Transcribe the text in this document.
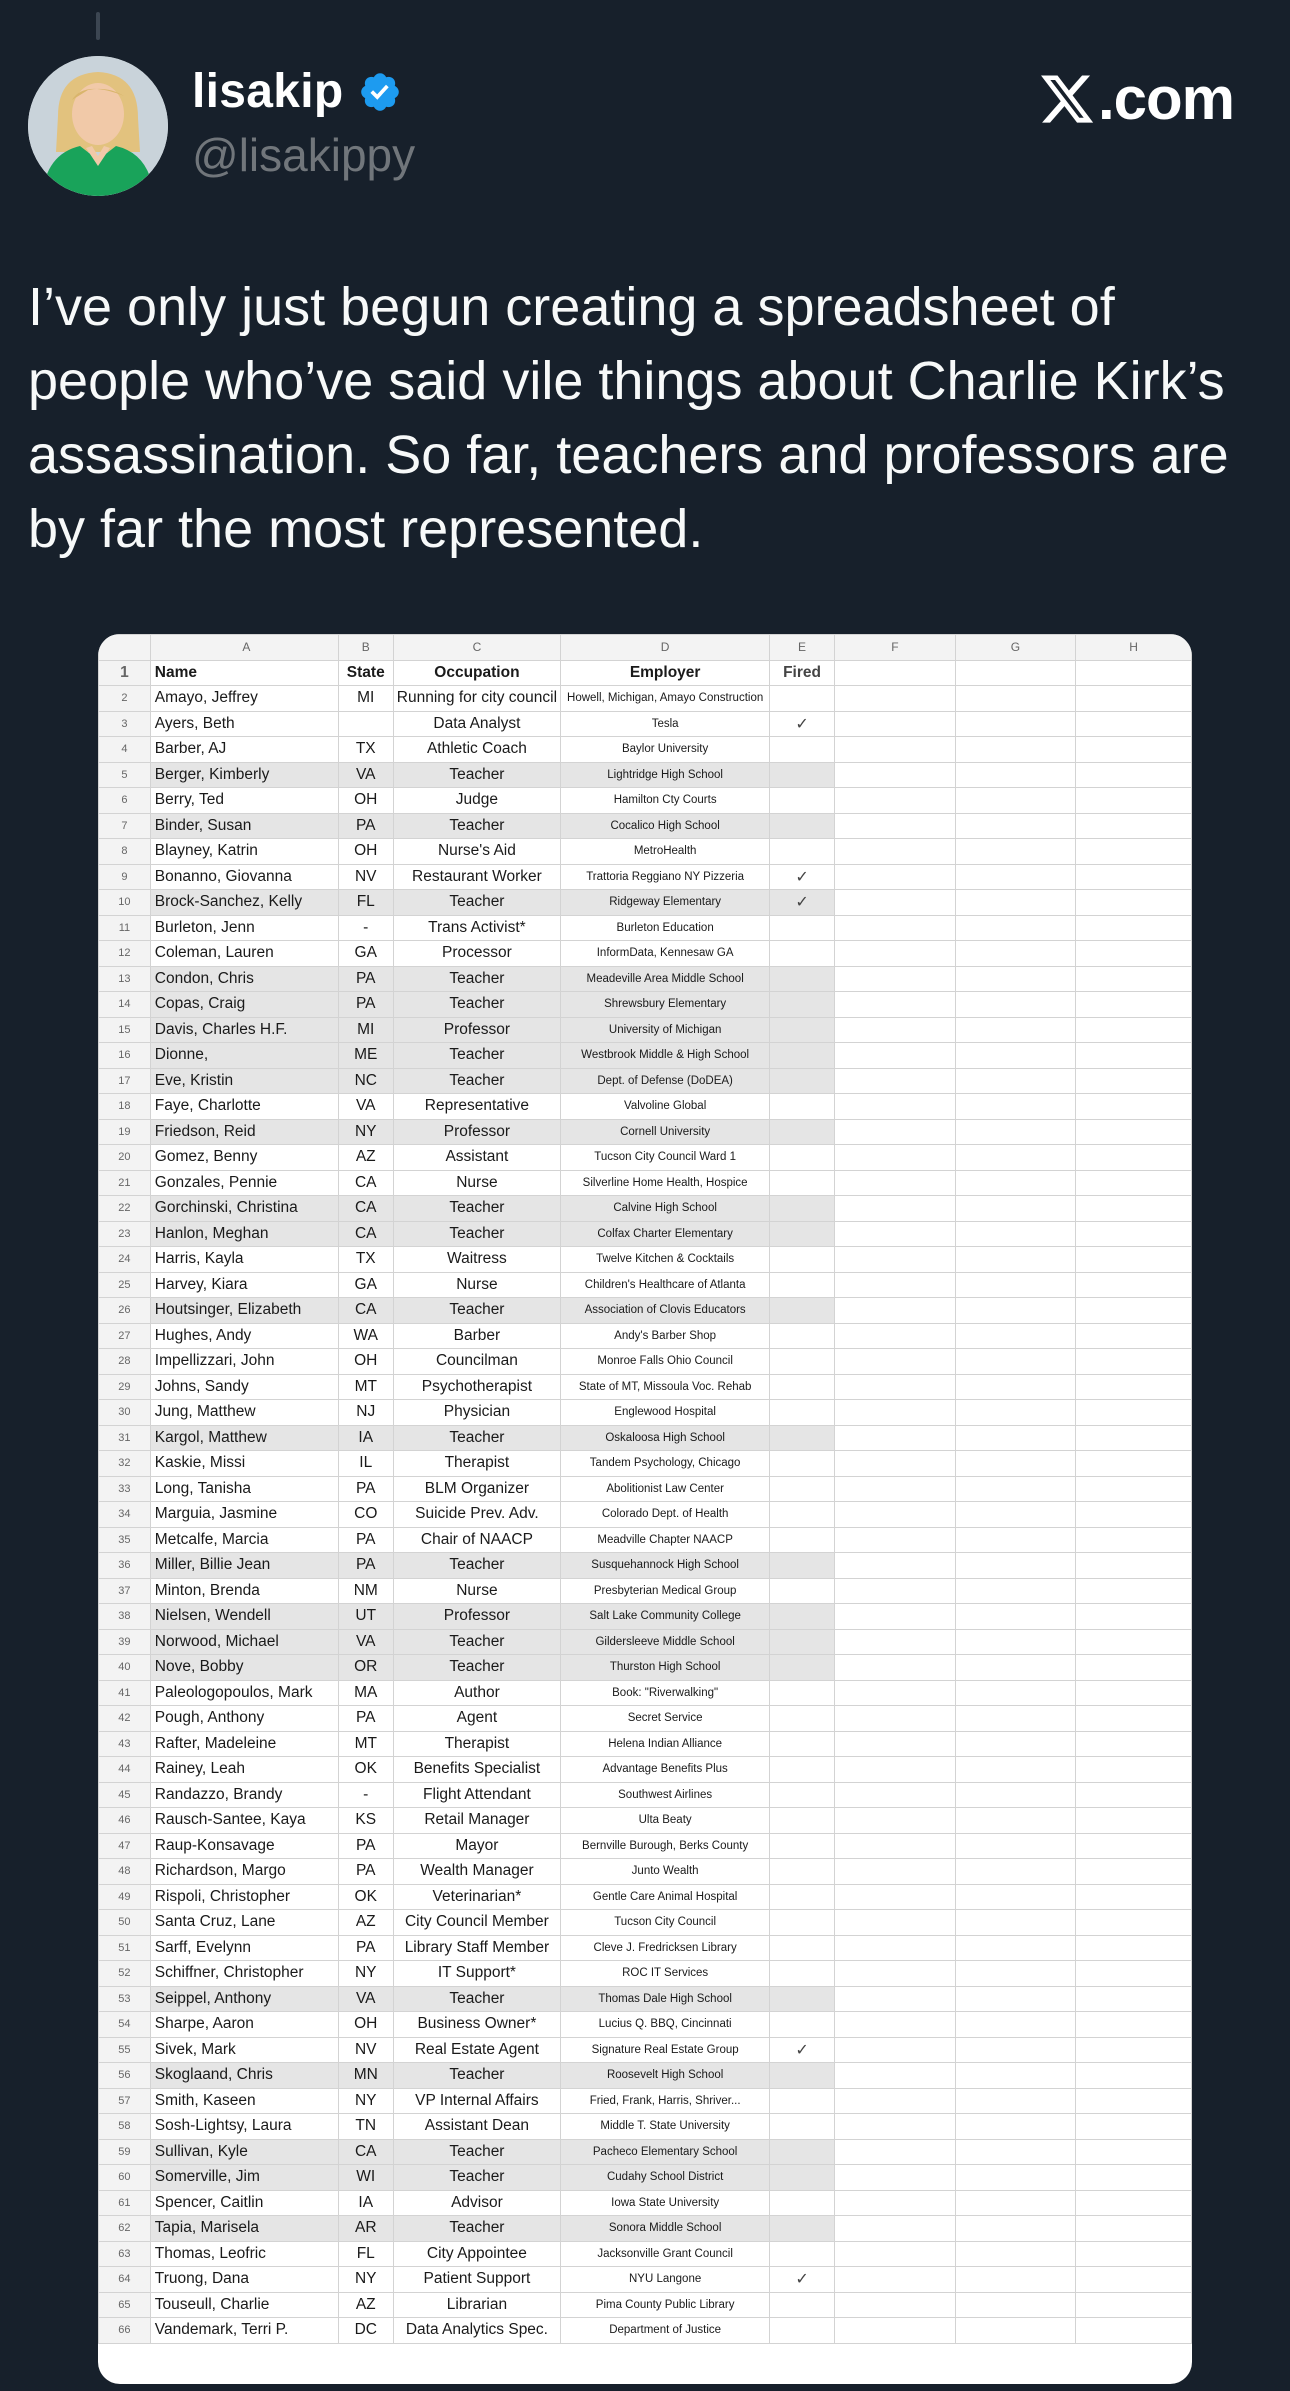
lisakip
@lisakippy
.com

I’ve only just begun creating a spreadsheet of people who’ve said vile things about Charlie Kirk’s assassination. So far, teachers and professors are by far the most represented.

	A	B	C	D	E	F	G	H
1	Name	State	Occupation	Employer	Fired			
2	Amayo, Jeffrey	MI	Running for city council	Howell, Michigan, Amayo Construction				
3	Ayers, Beth		Data Analyst	Tesla	✓			
4	Barber, AJ	TX	Athletic Coach	Baylor University				
5	Berger, Kimberly	VA	Teacher	Lightridge High School				
6	Berry, Ted	OH	Judge	Hamilton Cty Courts				
7	Binder, Susan	PA	Teacher	Cocalico High School				
8	Blayney, Katrin	OH	Nurse's Aid	MetroHealth				
9	Bonanno, Giovanna	NV	Restaurant Worker	Trattoria Reggiano NY Pizzeria	✓			
10	Brock-Sanchez, Kelly	FL	Teacher	Ridgeway Elementary	✓			
11	Burleton, Jenn	-	Trans Activist*	Burleton Education				
12	Coleman, Lauren	GA	Processor	InformData, Kennesaw GA				
13	Condon, Chris	PA	Teacher	Meadeville Area Middle School				
14	Copas, Craig	PA	Teacher	Shrewsbury Elementary				
15	Davis, Charles H.F.	MI	Professor	University of Michigan				
16	Dionne,	ME	Teacher	Westbrook Middle & High School				
17	Eve, Kristin	NC	Teacher	Dept. of Defense (DoDEA)				
18	Faye, Charlotte	VA	Representative	Valvoline Global				
19	Friedson, Reid	NY	Professor	Cornell University				
20	Gomez, Benny	AZ	Assistant	Tucson City Council Ward 1				
21	Gonzales, Pennie	CA	Nurse	Silverline Home Health, Hospice				
22	Gorchinski, Christina	CA	Teacher	Calvine High School				
23	Hanlon, Meghan	CA	Teacher	Colfax Charter Elementary				
24	Harris, Kayla	TX	Waitress	Twelve Kitchen & Cocktails				
25	Harvey, Kiara	GA	Nurse	Children's Healthcare of Atlanta				
26	Houtsinger, Elizabeth	CA	Teacher	Association of Clovis Educators				
27	Hughes, Andy	WA	Barber	Andy's Barber Shop				
28	Impellizzari, John	OH	Councilman	Monroe Falls Ohio Council				
29	Johns, Sandy	MT	Psychotherapist	State of MT, Missoula Voc. Rehab				
30	Jung, Matthew	NJ	Physician	Englewood Hospital				
31	Kargol, Matthew	IA	Teacher	Oskaloosa High School				
32	Kaskie, Missi	IL	Therapist	Tandem Psychology, Chicago				
33	Long, Tanisha	PA	BLM Organizer	Abolitionist Law Center				
34	Marguia, Jasmine	CO	Suicide Prev. Adv.	Colorado Dept. of Health				
35	Metcalfe, Marcia	PA	Chair of NAACP	Meadville Chapter NAACP				
36	Miller, Billie Jean	PA	Teacher	Susquehannock High School				
37	Minton, Brenda	NM	Nurse	Presbyterian Medical Group				
38	Nielsen, Wendell	UT	Professor	Salt Lake Community College				
39	Norwood, Michael	VA	Teacher	Gildersleeve Middle School				
40	Nove, Bobby	OR	Teacher	Thurston High School				
41	Paleologopoulos, Mark	MA	Author	Book: "Riverwalking"				
42	Pough, Anthony	PA	Agent	Secret Service				
43	Rafter, Madeleine	MT	Therapist	Helena Indian Alliance				
44	Rainey, Leah	OK	Benefits Specialist	Advantage Benefits Plus				
45	Randazzo, Brandy	-	Flight Attendant	Southwest Airlines				
46	Rausch-Santee, Kaya	KS	Retail Manager	Ulta Beaty				
47	Raup-Konsavage	PA	Mayor	Bernville Burough, Berks County				
48	Richardson, Margo	PA	Wealth Manager	Junto Wealth				
49	Rispoli, Christopher	OK	Veterinarian*	Gentle Care Animal Hospital				
50	Santa Cruz, Lane	AZ	City Council Member	Tucson City Council				
51	Sarff, Evelynn	PA	Library Staff Member	Cleve J. Fredricksen Library				
52	Schiffner, Christopher	NY	IT Support*	ROC IT Services				
53	Seippel, Anthony	VA	Teacher	Thomas Dale High School				
54	Sharpe, Aaron	OH	Business Owner*	Lucius Q. BBQ, Cincinnati				
55	Sivek, Mark	NV	Real Estate Agent	Signature Real Estate Group	✓			
56	Skoglaand, Chris	MN	Teacher	Roosevelt High School				
57	Smith, Kaseen	NY	VP Internal Affairs	Fried, Frank, Harris, Shriver...				
58	Sosh-Lightsy, Laura	TN	Assistant Dean	Middle T. State University				
59	Sullivan, Kyle	CA	Teacher	Pacheco Elementary School				
60	Somerville, Jim	WI	Teacher	Cudahy School District				
61	Spencer, Caitlin	IA	Advisor	Iowa State University				
62	Tapia, Marisela	AR	Teacher	Sonora Middle School				
63	Thomas, Leofric	FL	City Appointee	Jacksonville Grant Council				
64	Truong, Dana	NY	Patient Support	NYU Langone	✓			
65	Touseull, Charlie	AZ	Librarian	Pima County Public Library				
66	Vandemark, Terri P.	DC	Data Analytics Spec.	Department of Justice				
